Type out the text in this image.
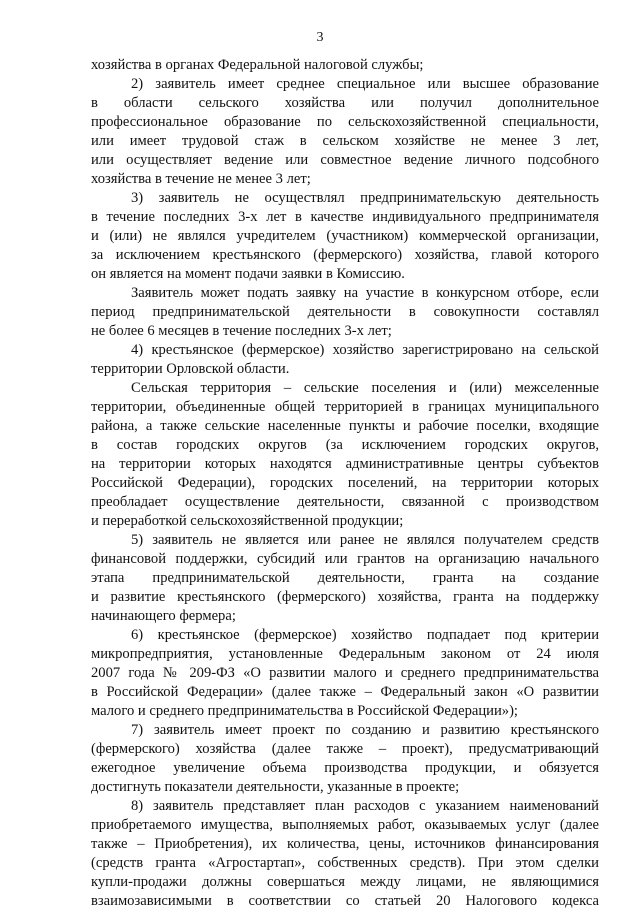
3
хозяйства в органах Федеральной налоговой службы;
2) заявитель имеет среднее специальное или высшее образование
в области сельского хозяйства или получил дополнительное
профессиональное образование по сельскохозяйственной специальности,
или имеет трудовой стаж в сельском хозяйстве не менее 3 лет,
или осуществляет ведение или совместное ведение личного подсобного
хозяйства в течение не менее 3 лет;
3) заявитель не осуществлял предпринимательскую деятельность
в течение последних 3-х лет в качестве индивидуального предпринимателя
и (или) не являлся учредителем (участником) коммерческой организации,
за исключением крестьянского (фермерского) хозяйства, главой которого
он является на момент подачи заявки в Комиссию.
Заявитель может подать заявку на участие в конкурсном отборе, если
период предпринимательской деятельности в совокупности составлял
не более 6 месяцев в течение последних 3-х лет;
4) крестьянское (фермерское) хозяйство зарегистрировано на сельской
территории Орловской области.
Сельская территория – сельские поселения и (или) межселенные
территории, объединенные общей территорией в границах муниципального
района, а также сельские населенные пункты и рабочие поселки, входящие
в состав городских округов (за исключением городских округов,
на территории которых находятся административные центры субъектов
Российской Федерации), городских поселений, на территории которых
преобладает осуществление деятельности, связанной с производством
и переработкой сельскохозяйственной продукции;
5) заявитель не является или ранее не являлся получателем средств
финансовой поддержки, субсидий или грантов на организацию начального
этапа предпринимательской деятельности, гранта на создание
и развитие крестьянского (фермерского) хозяйства, гранта на поддержку
начинающего фермера;
6) крестьянское (фермерское) хозяйство подпадает под критерии
микропредприятия, установленные Федеральным законом от 24 июля
2007 года № 209-ФЗ «О развитии малого и среднего предпринимательства
в Российской Федерации» (далее также – Федеральный закон «О развитии
малого и среднего предпринимательства в Российской Федерации»);
7) заявитель имеет проект по созданию и развитию крестьянского
(фермерского) хозяйства (далее также – проект), предусматривающий
ежегодное увеличение объема производства продукции, и обязуется
достигнуть показатели деятельности, указанные в проекте;
8) заявитель представляет план расходов с указанием наименований
приобретаемого имущества, выполняемых работ, оказываемых услуг (далее
также – Приобретения), их количества, цены, источников финансирования
(средств гранта «Агростартап», собственных средств). При этом сделки
купли-продажи должны совершаться между лицами, не являющимися
взаимозависимыми в соответствии со статьей 20 Налогового кодекса
